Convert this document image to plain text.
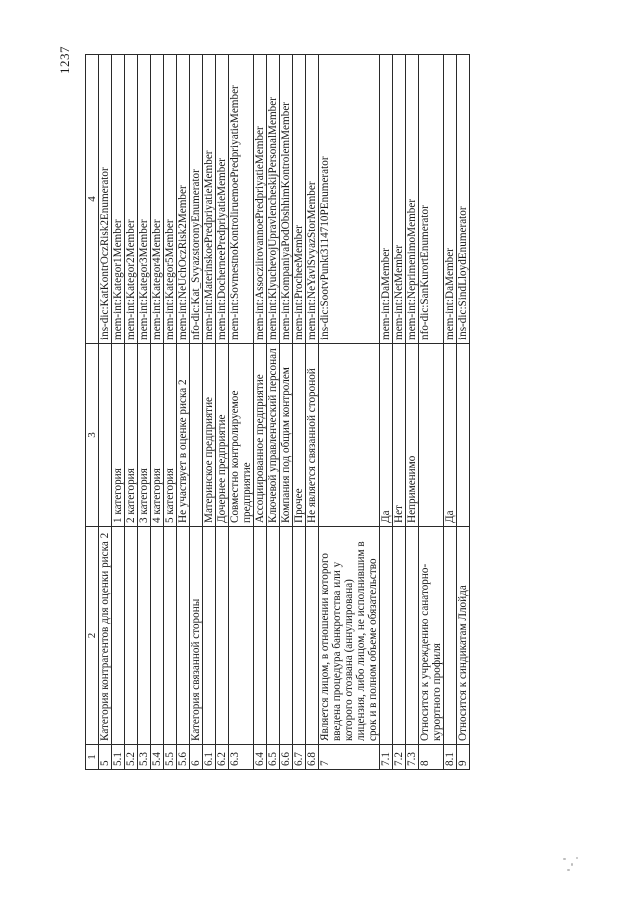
1	2	3	4
5	Категория контрагентов для оценки риска 2		ins-dic:KatKontrOczRisk2Enumerator
5.1		1 категория	mem-int:Kategor1Member
5.2		2 категория	mem-int:Kategor2Member
5.3		3 категория	mem-int:Kategor3Member
5.4		4 категория	mem-int:Kategor4Member
5.5		5 категория	mem-int:Kategor5Member
5.6		Не участвует в оценке риска 2	mem-int:NeUchOczRisk2Member
6	Категория связанной стороны		nfo-dic:Kat_SvyazstoronyEnumerator
6.1		Материнское предприятие	mem-int:MaterinskoePredpriyatieMember
6.2		Дочернее предприятие	mem-int:DocherneePredpriyatieMember
6.3		Совместно контролируемое предприятие	mem-int:SovmestnoKontroliruemoePredpriyatieMember
6.4		Ассоциированное предприятие	mem-int:AssocziirovannoePredpriyatieMember
6.5		Ключевой управленческий персонал	mem-int:KlyuchevojUpravlencheskijPersonalMember
6.6		Компания под общим контролем	mem-int:KompaniyaPodObshhimKontrolemMember
6.7		Прочее	mem-int:ProcheeMember
6.8		Не является связанной стороной	mem-int:NeYavlSvyazStorMember
7	Является лицом, в отношении которого введена процедура банкротства или у которого отозвана (аннулирована) лицензия, либо лицом, не исполнившим в срок и в полном объеме обязательство		ins-dic:SootvPunkt3114710PEnumerator
7.1		Да	mem-int:DaMember
7.2		Нет	mem-int:NetMember
7.3		Неприменимо	mem-int:NeprimenimoMember
8	Относится к учреждению санаторно-курортного профиля		nfo-dic:SanKurortEnumerator
8.1		Да	mem-int:DaMember
9	Относится к синдикатам Ллойда		ins-dic:SindLloydEnumerator
1237
